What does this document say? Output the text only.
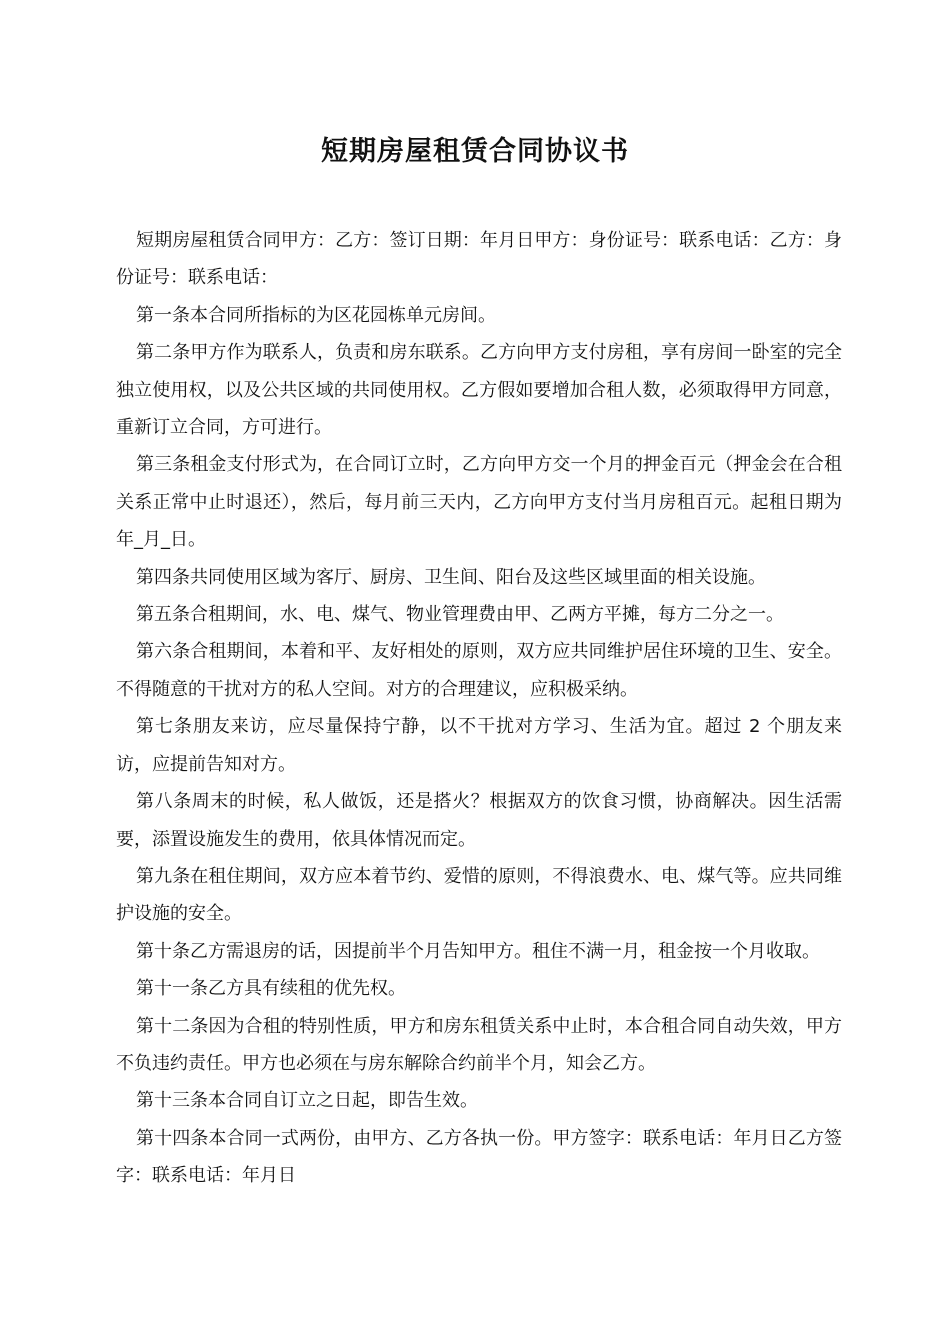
短期房屋租赁合同协议书

短期房屋租赁合同甲方：乙方：签订日期：年月日甲方：身份证号：联系电话：乙方：身份证号：联系电话：

第一条本合同所指标的为区花园栋单元房间。

第二条甲方作为联系人，负责和房东联系。乙方向甲方支付房租，享有房间一卧室的完全独立使用权，以及公共区域的共同使用权。乙方假如要增加合租人数，必须取得甲方同意，重新订立合同，方可进行。

第三条租金支付形式为，在合同订立时，乙方向甲方交一个月的押金百元（押金会在合租关系正常中止时退还），然后，每月前三天内，乙方向甲方支付当月房租百元。起租日期为年_月_日。

第四条共同使用区域为客厅、厨房、卫生间、阳台及这些区域里面的相关设施。

第五条合租期间，水、电、煤气、物业管理费由甲、乙两方平摊，每方二分之一。

第六条合租期间，本着和平、友好相处的原则，双方应共同维护居住环境的卫生、安全。不得随意的干扰对方的私人空间。对方的合理建议，应积极采纳。

第七条朋友来访，应尽量保持宁静，以不干扰对方学习、生活为宜。超过 2 个朋友来访，应提前告知对方。

第八条周末的时候，私人做饭，还是搭火？根据双方的饮食习惯，协商解决。因生活需要，添置设施发生的费用，依具体情况而定。

第九条在租住期间，双方应本着节约、爱惜的原则，不得浪费水、电、煤气等。应共同维护设施的安全。

第十条乙方需退房的话，因提前半个月告知甲方。租住不满一月，租金按一个月收取。

第十一条乙方具有续租的优先权。

第十二条因为合租的特别性质，甲方和房东租赁关系中止时，本合租合同自动失效，甲方不负违约责任。甲方也必须在与房东解除合约前半个月，知会乙方。

第十三条本合同自订立之日起，即告生效。

第十四条本合同一式两份，由甲方、乙方各执一份。甲方签字：联系电话：年月日乙方签字：联系电话：年月日
